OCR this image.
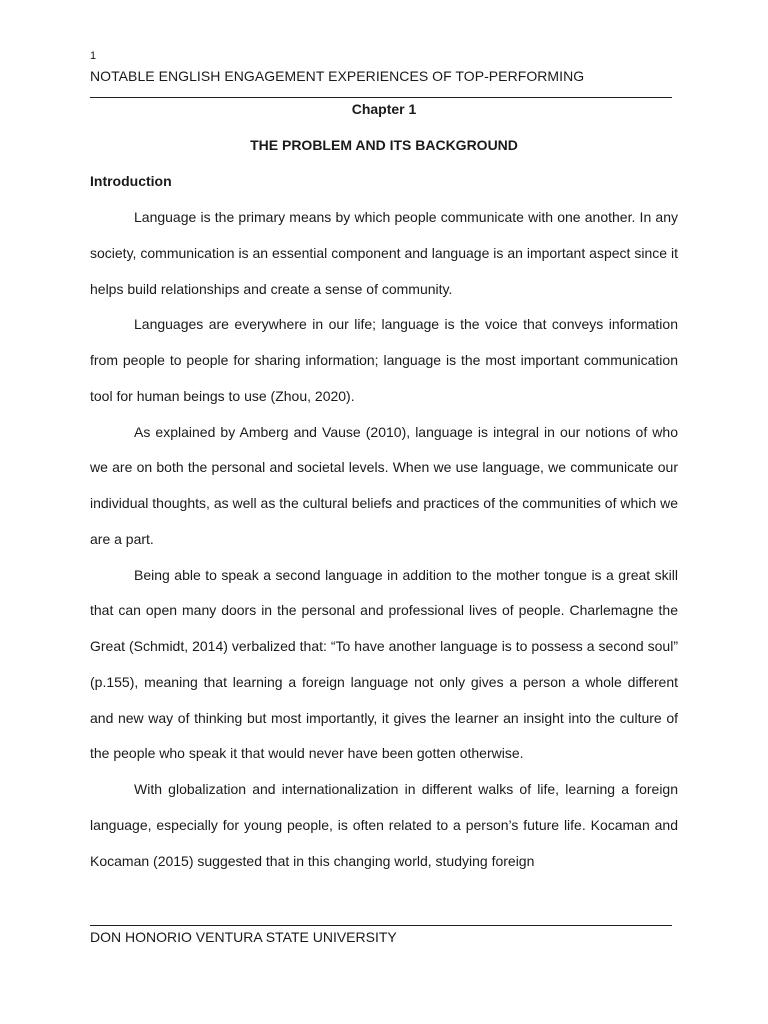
1
NOTABLE ENGLISH ENGAGEMENT EXPERIENCES OF TOP-PERFORMING
Chapter 1
THE PROBLEM AND ITS BACKGROUND
Introduction

Language is the primary means by which people communicate with one another. In any society, communication is an essential component and language is an important aspect since it helps build relationships and create a sense of community.

Languages are everywhere in our life; language is the voice that conveys information from people to people for sharing information; language is the most important communication tool for human beings to use (Zhou, 2020).

As explained by Amberg and Vause (2010), language is integral in our notions of who we are on both the personal and societal levels. When we use language, we communicate our individual thoughts, as well as the cultural beliefs and practices of the communities of which we are a part.

Being able to speak a second language in addition to the mother tongue is a great skill that can open many doors in the personal and professional lives of people. Charlemagne the Great (Schmidt, 2014) verbalized that: “To have another language is to possess a second soul” (p.155), meaning that learning a foreign language not only gives a person a whole different and new way of thinking but most importantly, it gives the learner an insight into the culture of the people who speak it that would never have been gotten otherwise.

With globalization and internationalization in different walks of life, learning a foreign language, especially for young people, is often related to a person’s future life. Kocaman and Kocaman (2015) suggested that in this changing world, studying foreign

DON HONORIO VENTURA STATE UNIVERSITY
